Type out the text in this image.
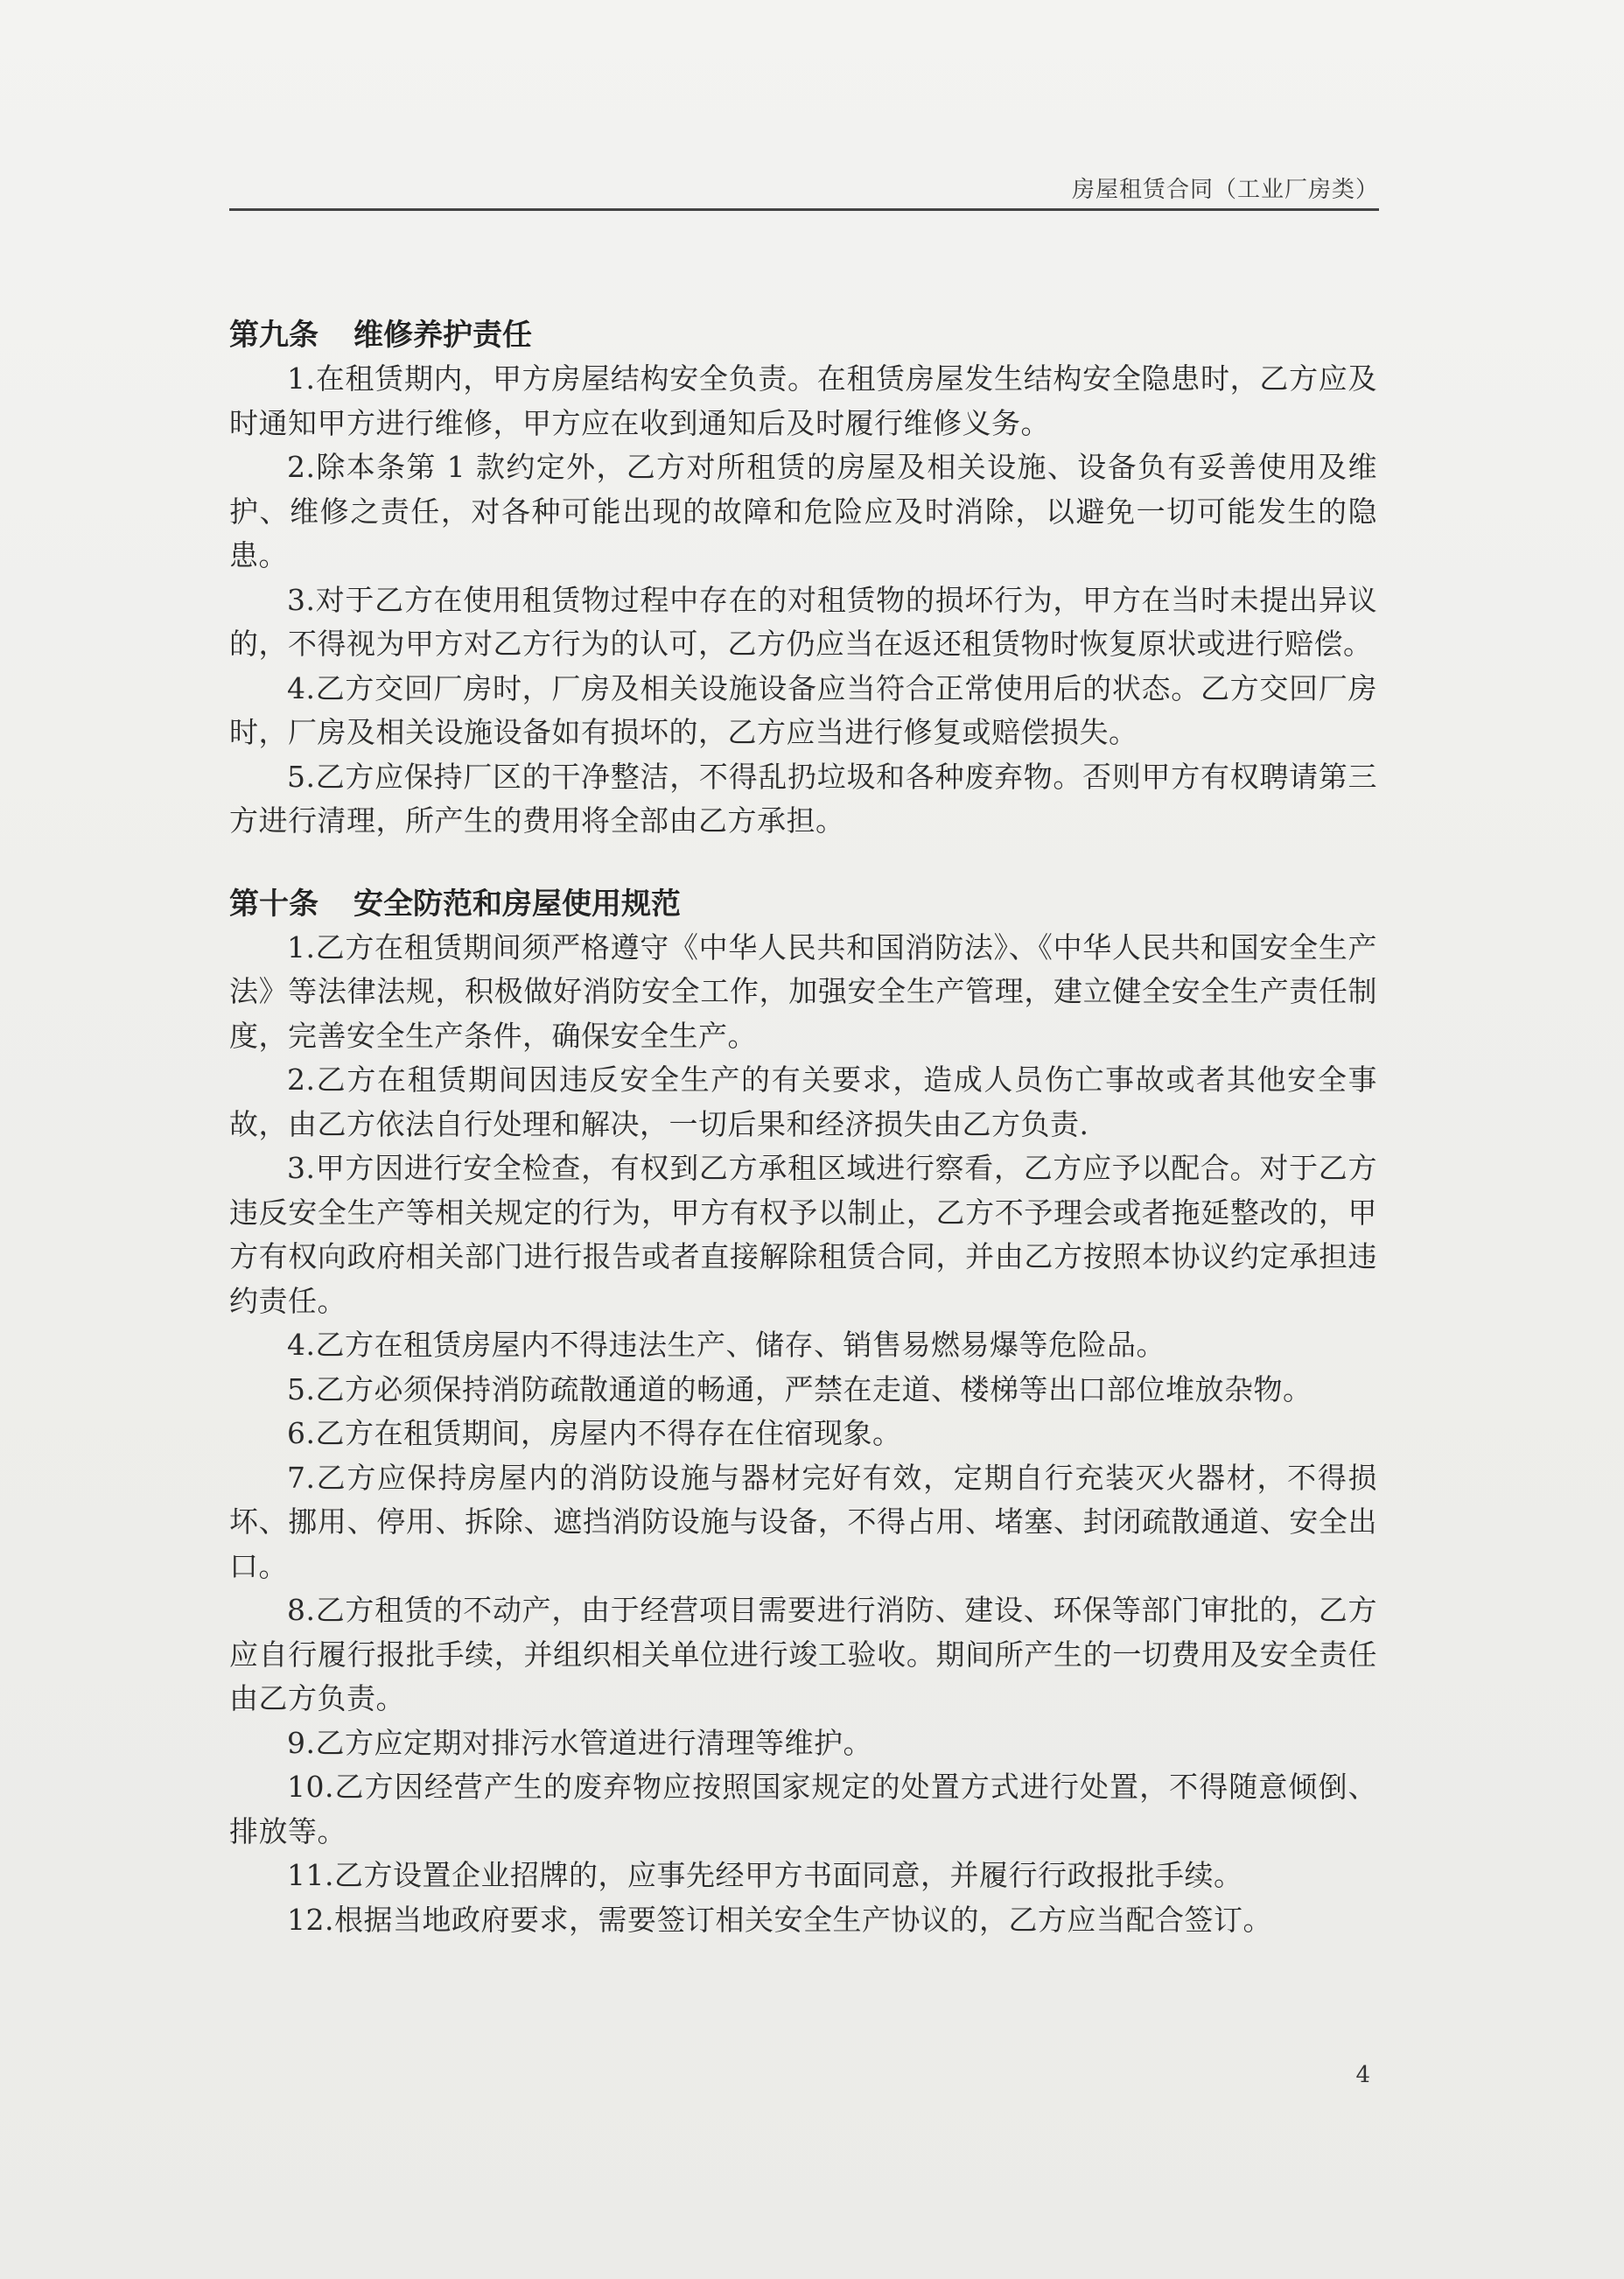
房屋租赁合同（工业厂房类）

第九条 维修养护责任

1.在租赁期内，甲方房屋结构安全负责。在租赁房屋发生结构安全隐患时，乙方应及时通知甲方进行维修，甲方应在收到通知后及时履行维修义务。

2.除本条第 1 款约定外，乙方对所租赁的房屋及相关设施、设备负有妥善使用及维护、维修之责任，对各种可能出现的故障和危险应及时消除，以避免一切可能发生的隐患。

3.对于乙方在使用租赁物过程中存在的对租赁物的损坏行为，甲方在当时未提出异议的，不得视为甲方对乙方行为的认可，乙方仍应当在返还租赁物时恢复原状或进行赔偿。

4.乙方交回厂房时，厂房及相关设施设备应当符合正常使用后的状态。乙方交回厂房时，厂房及相关设施设备如有损坏的，乙方应当进行修复或赔偿损失。

5.乙方应保持厂区的干净整洁，不得乱扔垃圾和各种废弃物。否则甲方有权聘请第三方进行清理，所产生的费用将全部由乙方承担。

第十条 安全防范和房屋使用规范

1.乙方在租赁期间须严格遵守《中华人民共和国消防法》、《中华人民共和国安全生产法》等法律法规，积极做好消防安全工作，加强安全生产管理，建立健全安全生产责任制度，完善安全生产条件，确保安全生产。

2.乙方在租赁期间因违反安全生产的有关要求，造成人员伤亡事故或者其他安全事故，由乙方依法自行处理和解决，一切后果和经济损失由乙方负责.

3.甲方因进行安全检查，有权到乙方承租区域进行察看，乙方应予以配合。对于乙方违反安全生产等相关规定的行为，甲方有权予以制止，乙方不予理会或者拖延整改的，甲方有权向政府相关部门进行报告或者直接解除租赁合同，并由乙方按照本协议约定承担违约责任。

4.乙方在租赁房屋内不得违法生产、储存、销售易燃易爆等危险品。

5.乙方必须保持消防疏散通道的畅通，严禁在走道、楼梯等出口部位堆放杂物。

6.乙方在租赁期间，房屋内不得存在住宿现象。

7.乙方应保持房屋内的消防设施与器材完好有效，定期自行充装灭火器材，不得损坏、挪用、停用、拆除、遮挡消防设施与设备，不得占用、堵塞、封闭疏散通道、安全出口。

8.乙方租赁的不动产，由于经营项目需要进行消防、建设、环保等部门审批的，乙方应自行履行报批手续，并组织相关单位进行竣工验收。期间所产生的一切费用及安全责任由乙方负责。

9.乙方应定期对排污水管道进行清理等维护。

10.乙方因经营产生的废弃物应按照国家规定的处置方式进行处置，不得随意倾倒、排放等。

11.乙方设置企业招牌的，应事先经甲方书面同意，并履行行政报批手续。

12.根据当地政府要求，需要签订相关安全生产协议的，乙方应当配合签订。

4
